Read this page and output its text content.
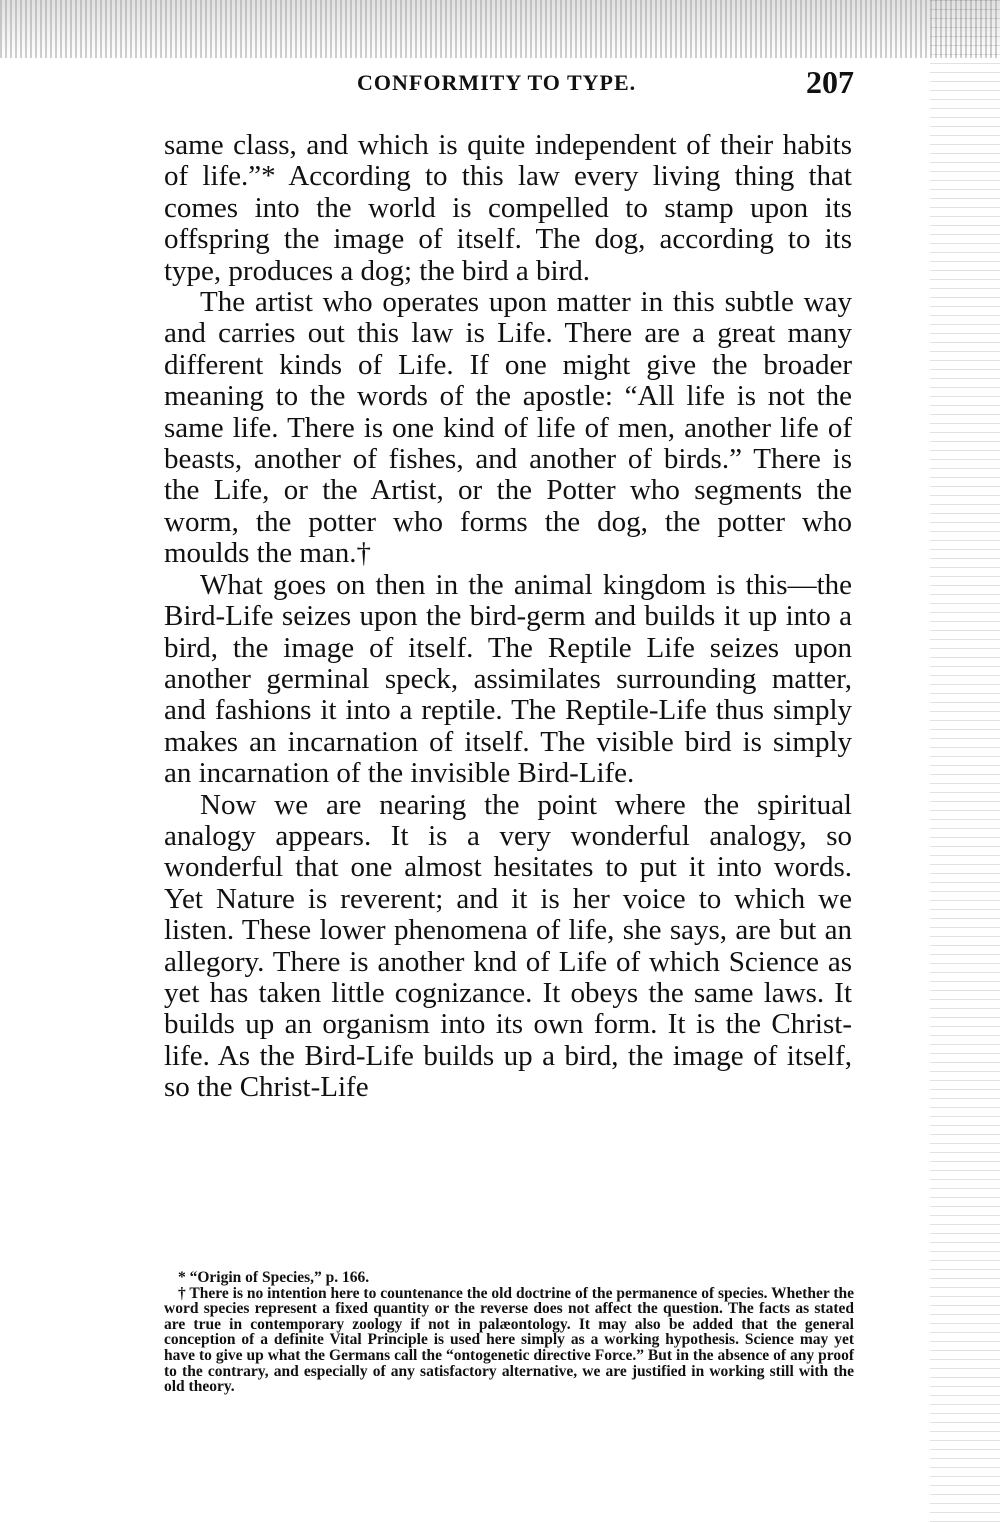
CONFORMITY TO TYPE.	207

same class, and which is quite independent of their habits of life.”* According to this law every living thing that comes into the world is compelled to stamp upon its offspring the image of itself. The dog, according to its type, produces a dog; the bird a bird.

The artist who operates upon matter in this subtle way and carries out this law is Life. There are a great many different kinds of Life. If one might give the broader meaning to the words of the apostle: “All life is not the same life. There is one kind of life of men, another life of beasts, another of fishes, and another of birds.” There is the Life, or the Artist, or the Potter who segments the worm, the potter who forms the dog, the potter who moulds the man.†

What goes on then in the animal kingdom is this—the Bird-Life seizes upon the bird-germ and builds it up into a bird, the image of itself. The Reptile Life seizes upon another germinal speck, assimilates surrounding matter, and fashions it into a reptile. The Reptile-Life thus simply makes an incarnation of itself. The visible bird is simply an incarnation of the invisible Bird-Life.

Now we are nearing the point where the spiritual analogy appears. It is a very wonderful analogy, so wonderful that one almost hesitates to put it into words. Yet Nature is reverent; and it is her voice to which we listen. These lower phenomena of life, she says, are but an allegory. There is another knd of Life of which Science as yet has taken little cognizance. It obeys the same laws. It builds up an organism into its own form. It is the Christ-life. As the Bird-Life builds up a bird, the image of itself, so the Christ-Life

* “Origin of Species,” p. 166.

† There is no intention here to countenance the old doctrine of the permanence of species. Whether the word species represent a fixed quantity or the reverse does not affect the question. The facts as stated are true in contemporary zoology if not in palæontology. It may also be added that the general conception of a definite Vital Principle is used here simply as a working hypothesis. Science may yet have to give up what the Germans call the “ontogenetic directive Force.” But in the absence of any proof to the contrary, and especially of any satisfactory alternative, we are justified in working still with the old theory.
